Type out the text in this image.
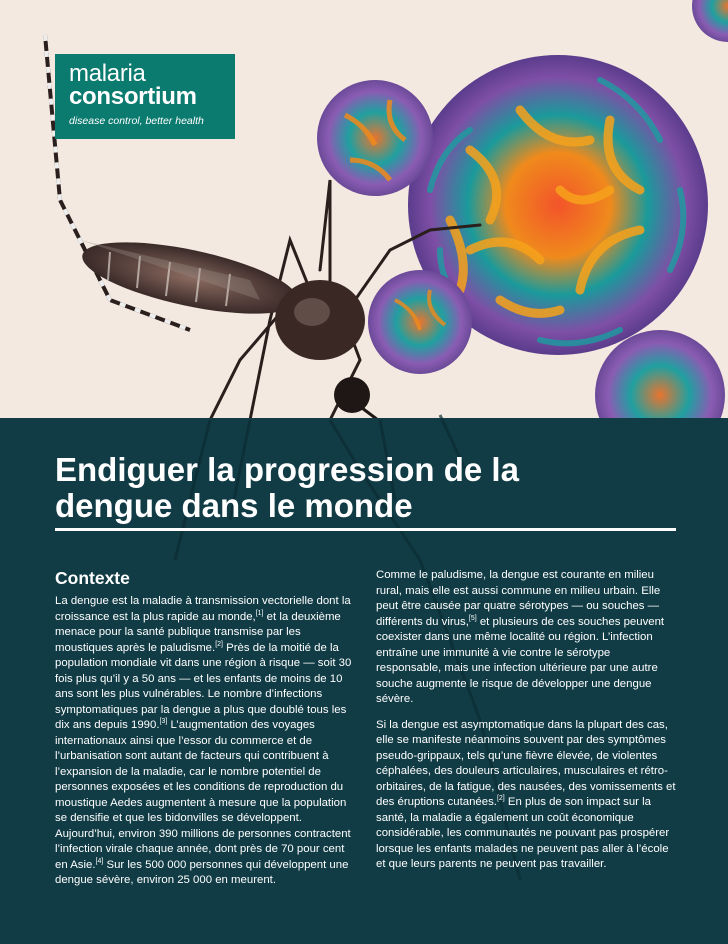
malaria
consortium
disease control, better health
Endiguer la progression de la
dengue dans le monde
Contexte

La dengue est la maladie à transmission vectorielle dont la croissance est la plus rapide au monde,[1] et la deuxième menace pour la santé publique transmise par les moustiques après le paludisme.[2] Près de la moitié de la population mondiale vit dans une région à risque — soit 30 fois plus qu’il y a 50 ans — et les enfants de moins de 10 ans sont les plus vulnérables. Le nombre d’infections symptomatiques par la dengue a plus que doublé tous les dix ans depuis 1990.[3] L’augmentation des voyages internationaux ainsi que l’essor du commerce et de l’urbanisation sont autant de facteurs qui contribuent à l’expansion de la maladie, car le nombre potentiel de personnes exposées et les conditions de reproduction du moustique Aedes augmentent à mesure que la population se densifie et que les bidonvilles se développent. Aujourd’hui, environ 390 millions de personnes contractent l’infection virale chaque année, dont près de 70 pour cent en Asie.[4] Sur les 500 000 personnes qui développent une dengue sévère, environ 25 000 en meurent.

Comme le paludisme, la dengue est courante en milieu rural, mais elle est aussi commune en milieu urbain. Elle peut être causée par quatre sérotypes — ou souches — différents du virus,[5] et plusieurs de ces souches peuvent coexister dans une même localité ou région. L’infection entraîne une immunité à vie contre le sérotype responsable, mais une infection ultérieure par une autre souche augmente le risque de développer une dengue sévère.

Si la dengue est asymptomatique dans la plupart des cas, elle se manifeste néanmoins souvent par des symptômes pseudo-grippaux, tels qu’une fièvre élevée, de violentes céphalées, des douleurs articulaires, musculaires et rétro-orbitaires, de la fatigue, des nausées, des vomissements et des éruptions cutanées.[2] En plus de son impact sur la santé, la maladie a également un coût économique considérable, les communautés ne pouvant pas prospérer lorsque les enfants malades ne peuvent pas aller à l’école et que leurs parents ne peuvent pas travailler.
